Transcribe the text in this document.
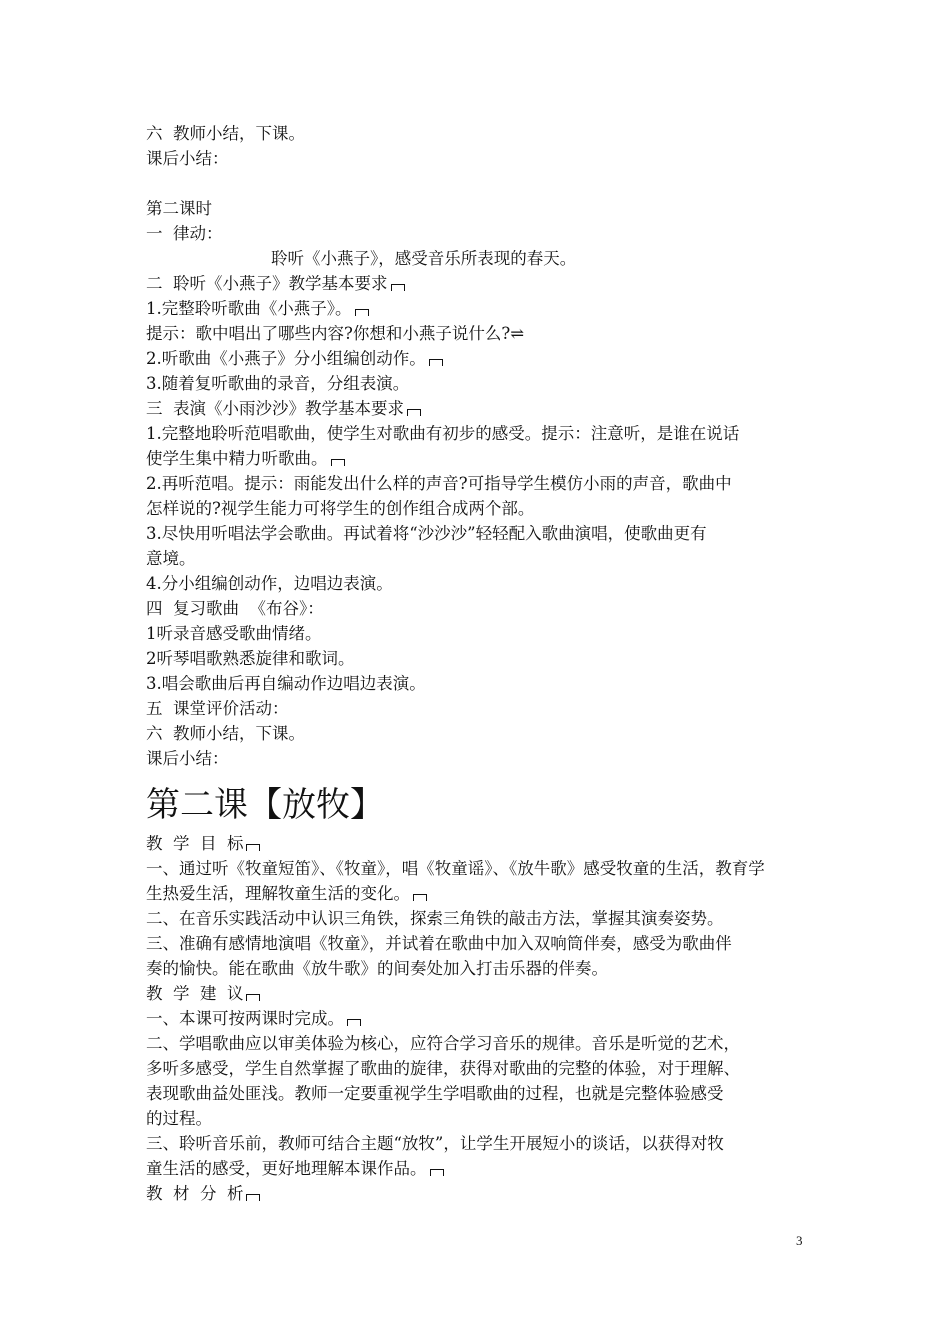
六  教师小结，下课。
课后小结：
第二课时
一  律动：
聆听《小燕子》，感受音乐所表现的春天。
二  聆听《小燕子》教学基本要求
1.完整聆听歌曲《小燕子》。
提示：歌中唱出了哪些内容?你想和小燕子说什么?⇌
2.听歌曲《小燕子》分小组编创动作。
3.随着复听歌曲的录音，分组表演。
三  表演《小雨沙沙》教学基本要求
1.完整地聆听范唱歌曲，使学生对歌曲有初步的感受。提示：注意听，是谁在说话
使学生集中精力听歌曲。
2.再听范唱。提示：雨能发出什么样的声音?可指导学生模仿小雨的声音，歌曲中
怎样说的?视学生能力可将学生的创作组合成两个部。
3.尽快用听唱法学会歌曲。再试着将“沙沙沙”轻轻配入歌曲演唱，使歌曲更有
意境。
4.分小组编创动作，边唱边表演。
四  复习歌曲  《布谷》：
1听录音感受歌曲情绪。
2听琴唱歌熟悉旋律和歌词。
3.唱会歌曲后再自编动作边唱边表演。
五  课堂评价活动：
六  教师小结，下课。
课后小结：
第二课【放牧】
教  学  目  标
一、通过听《牧童短笛》、《牧童》，唱《牧童谣》、《放牛歌》感受牧童的生活，教育学
生热爱生活，理解牧童生活的变化。
二、在音乐实践活动中认识三角铁，探索三角铁的敲击方法，掌握其演奏姿势。
三、准确有感情地演唱《牧童》，并试着在歌曲中加入双响筒伴奏，感受为歌曲伴
奏的愉快。能在歌曲《放牛歌》的间奏处加入打击乐器的伴奏。
教  学  建  议
一、本课可按两课时完成。
二、学唱歌曲应以审美体验为核心，应符合学习音乐的规律。音乐是听觉的艺术，
多听多感受，学生自然掌握了歌曲的旋律，获得对歌曲的完整的体验，对于理解、
表现歌曲益处匪浅。教师一定要重视学生学唱歌曲的过程，也就是完整体验感受
的过程。
三、聆听音乐前，教师可结合主题“放牧”，让学生开展短小的谈话，以获得对牧
童生活的感受，更好地理解本课作品。
教  材  分  析
3
